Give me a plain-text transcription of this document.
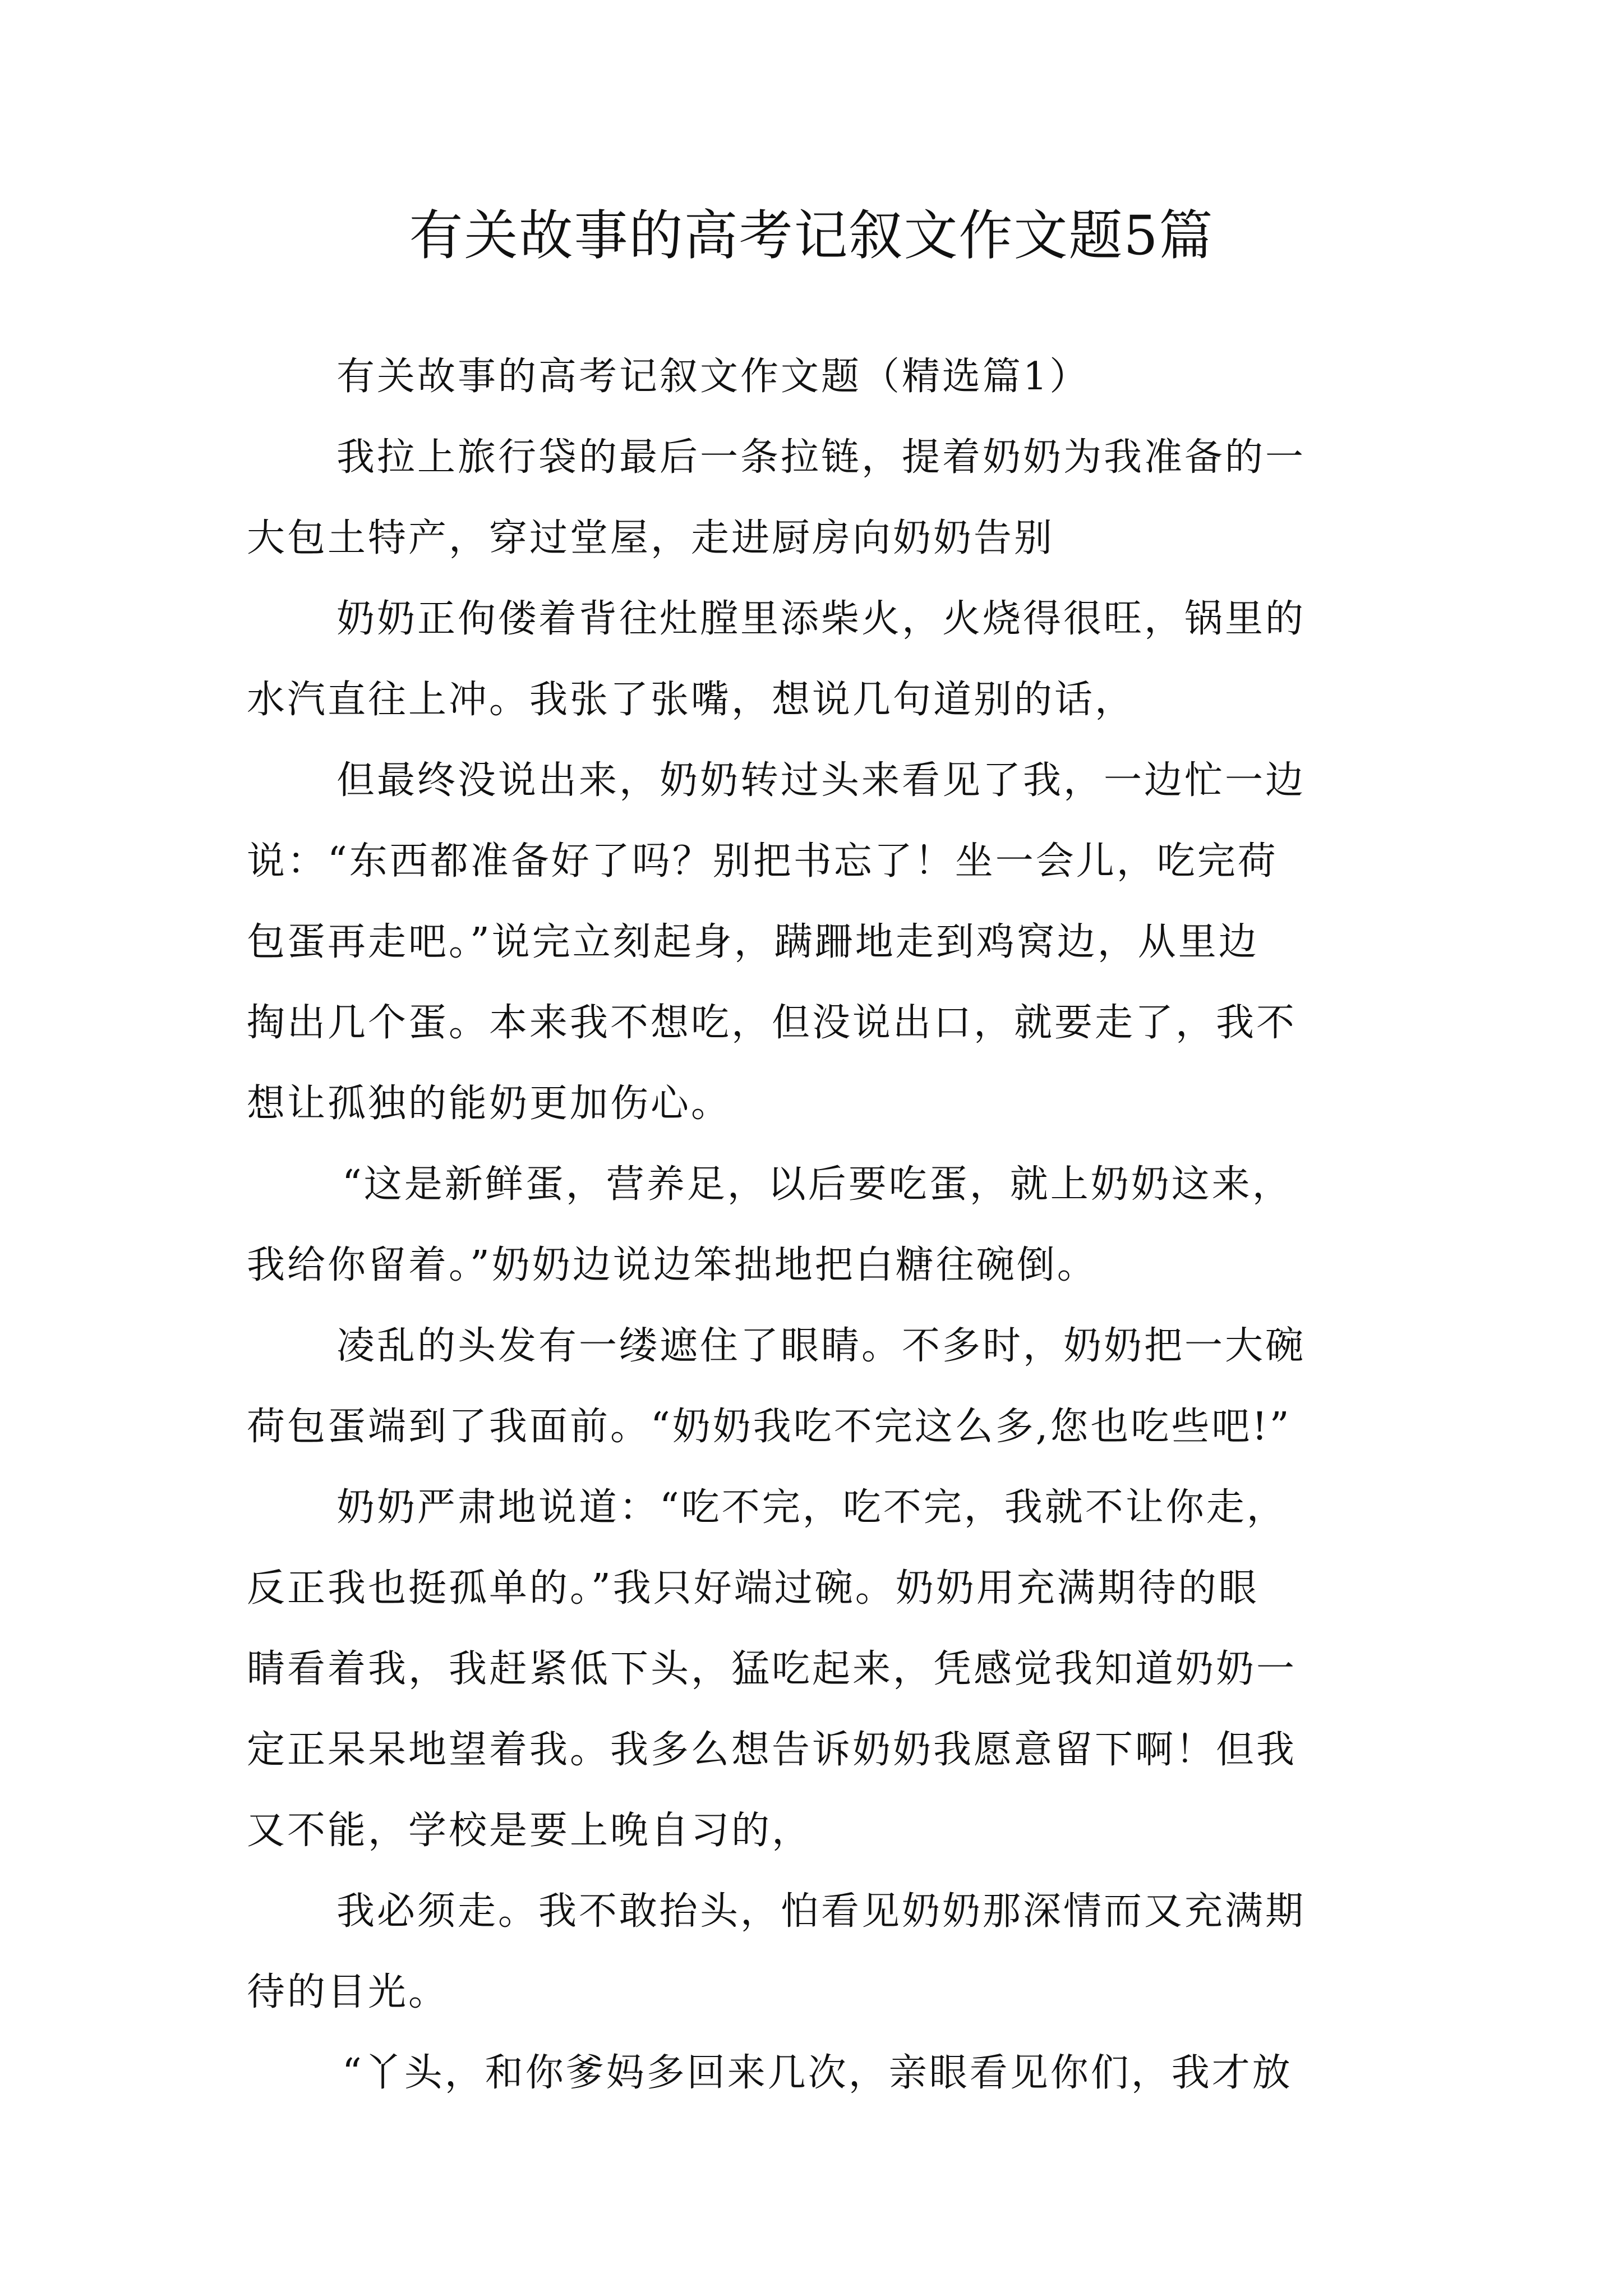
有关故事的高考记叙文作文题5篇
有关故事的高考记叙文作文题（精选篇1）
我拉上旅行袋的最后一条拉链，提着奶奶为我准备的一
大包土特产，穿过堂屋，走进厨房向奶奶告别
奶奶正佝偻着背往灶膛里添柴火，火烧得很旺，锅里的
水汽直往上冲。我张了张嘴，想说几句道别的话，
但最终没说出来，奶奶转过头来看见了我，一边忙一边
说：“东西都准备好了吗？别把书忘了！坐一会儿，吃完荷
包蛋再走吧。”说完立刻起身，蹒跚地走到鸡窝边，从里边
掏出几个蛋。本来我不想吃，但没说出口，就要走了，我不
想让孤独的能奶更加伤心。
“这是新鲜蛋，营养足，以后要吃蛋，就上奶奶这来，
我给你留着。”奶奶边说边笨拙地把白糖往碗倒。
凌乱的头发有一缕遮住了眼睛。不多时，奶奶把一大碗
荷包蛋端到了我面前。“奶奶我吃不完这么多,您也吃些吧!”
奶奶严肃地说道：“吃不完，吃不完，我就不让你走，
反正我也挺孤单的。”我只好端过碗。奶奶用充满期待的眼
睛看着我，我赶紧低下头，猛吃起来，凭感觉我知道奶奶一
定正呆呆地望着我。我多么想告诉奶奶我愿意留下啊！但我
又不能，学校是要上晚自习的，
我必须走。我不敢抬头，怕看见奶奶那深情而又充满期
待的目光。
“丫头，和你爹妈多回来几次，亲眼看见你们，我才放
